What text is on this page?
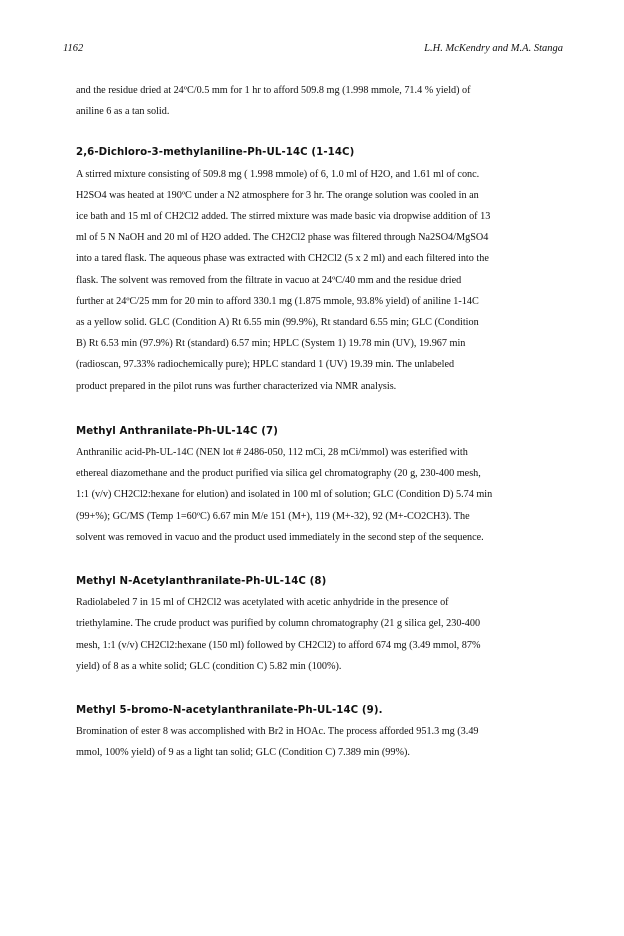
1162	L.H. McKendry and M.A. Stanga

and the residue dried at 24ºC/0.5 mm for 1 hr to afford 509.8 mg (1.998 mmole, 71.4 % yield) of

aniline 6 as a tan solid.

2,6-Dichloro-3-methylaniline-Ph-UL-14C (1-14C)

A stirred mixture consisting of 509.8 mg ( 1.998 mmole) of 6, 1.0 ml of H2O, and 1.61 ml of conc.

H2SO4 was heated at 190ºC under a N2 atmosphere for 3 hr. The orange solution was cooled in an

ice bath and 15 ml of CH2Cl2 added. The stirred mixture was made basic via dropwise addition of 13

ml of 5 N NaOH and 20 ml of H2O added. The CH2Cl2 phase was filtered through Na2SO4/MgSO4

into a tared flask. The aqueous phase was extracted with CH2Cl2 (5 x 2 ml) and each filtered into the

flask. The solvent was removed from the filtrate in vacuo at 24ºC/40 mm and the residue dried

further at 24ºC/25 mm for 20 min to afford 330.1 mg (1.875 mmole, 93.8% yield) of aniline 1-14C

as a yellow solid. GLC (Condition A) Rt 6.55 min (99.9%), Rt standard 6.55 min; GLC (Condition

B) Rt 6.53 min (97.9%) Rt (standard) 6.57 min; HPLC (System 1) 19.78 min (UV), 19.967 min

(radioscan, 97.33% radiochemically pure); HPLC standard 1 (UV) 19.39 min. The unlabeled

product prepared in the pilot runs was further characterized via NMR analysis.

Methyl Anthranilate-Ph-UL-14C (7)

Anthranilic acid-Ph-UL-14C (NEN lot # 2486-050, 112 mCi, 28 mCi/mmol) was esterified with

ethereal diazomethane and the product purified via silica gel chromatography (20 g, 230-400 mesh,

1:1 (v/v) CH2Cl2:hexane for elution) and isolated in 100 ml of solution; GLC (Condition D) 5.74 min

(99+%); GC/MS (Temp 1=60ºC) 6.67 min M/e 151 (M+), 119 (M+-32), 92 (M+-CO2CH3). The

solvent was removed in vacuo and the product used immediately in the second step of the sequence.

Methyl N-Acetylanthranilate-Ph-UL-14C (8)

Radiolabeled 7 in 15 ml of CH2Cl2 was acetylated with acetic anhydride in the presence of

triethylamine. The crude product was purified by column chromatography (21 g silica gel, 230-400

mesh, 1:1 (v/v) CH2Cl2:hexane (150 ml) followed by CH2Cl2) to afford 674 mg (3.49 mmol, 87%

yield) of 8 as a white solid; GLC (condition C) 5.82 min (100%).

Methyl 5-bromo-N-acetylanthranilate-Ph-UL-14C (9).

Bromination of ester 8 was accomplished with Br2 in HOAc. The process afforded 951.3 mg (3.49

mmol, 100% yield) of 9 as a light tan solid; GLC (Condition C) 7.389 min (99%).
